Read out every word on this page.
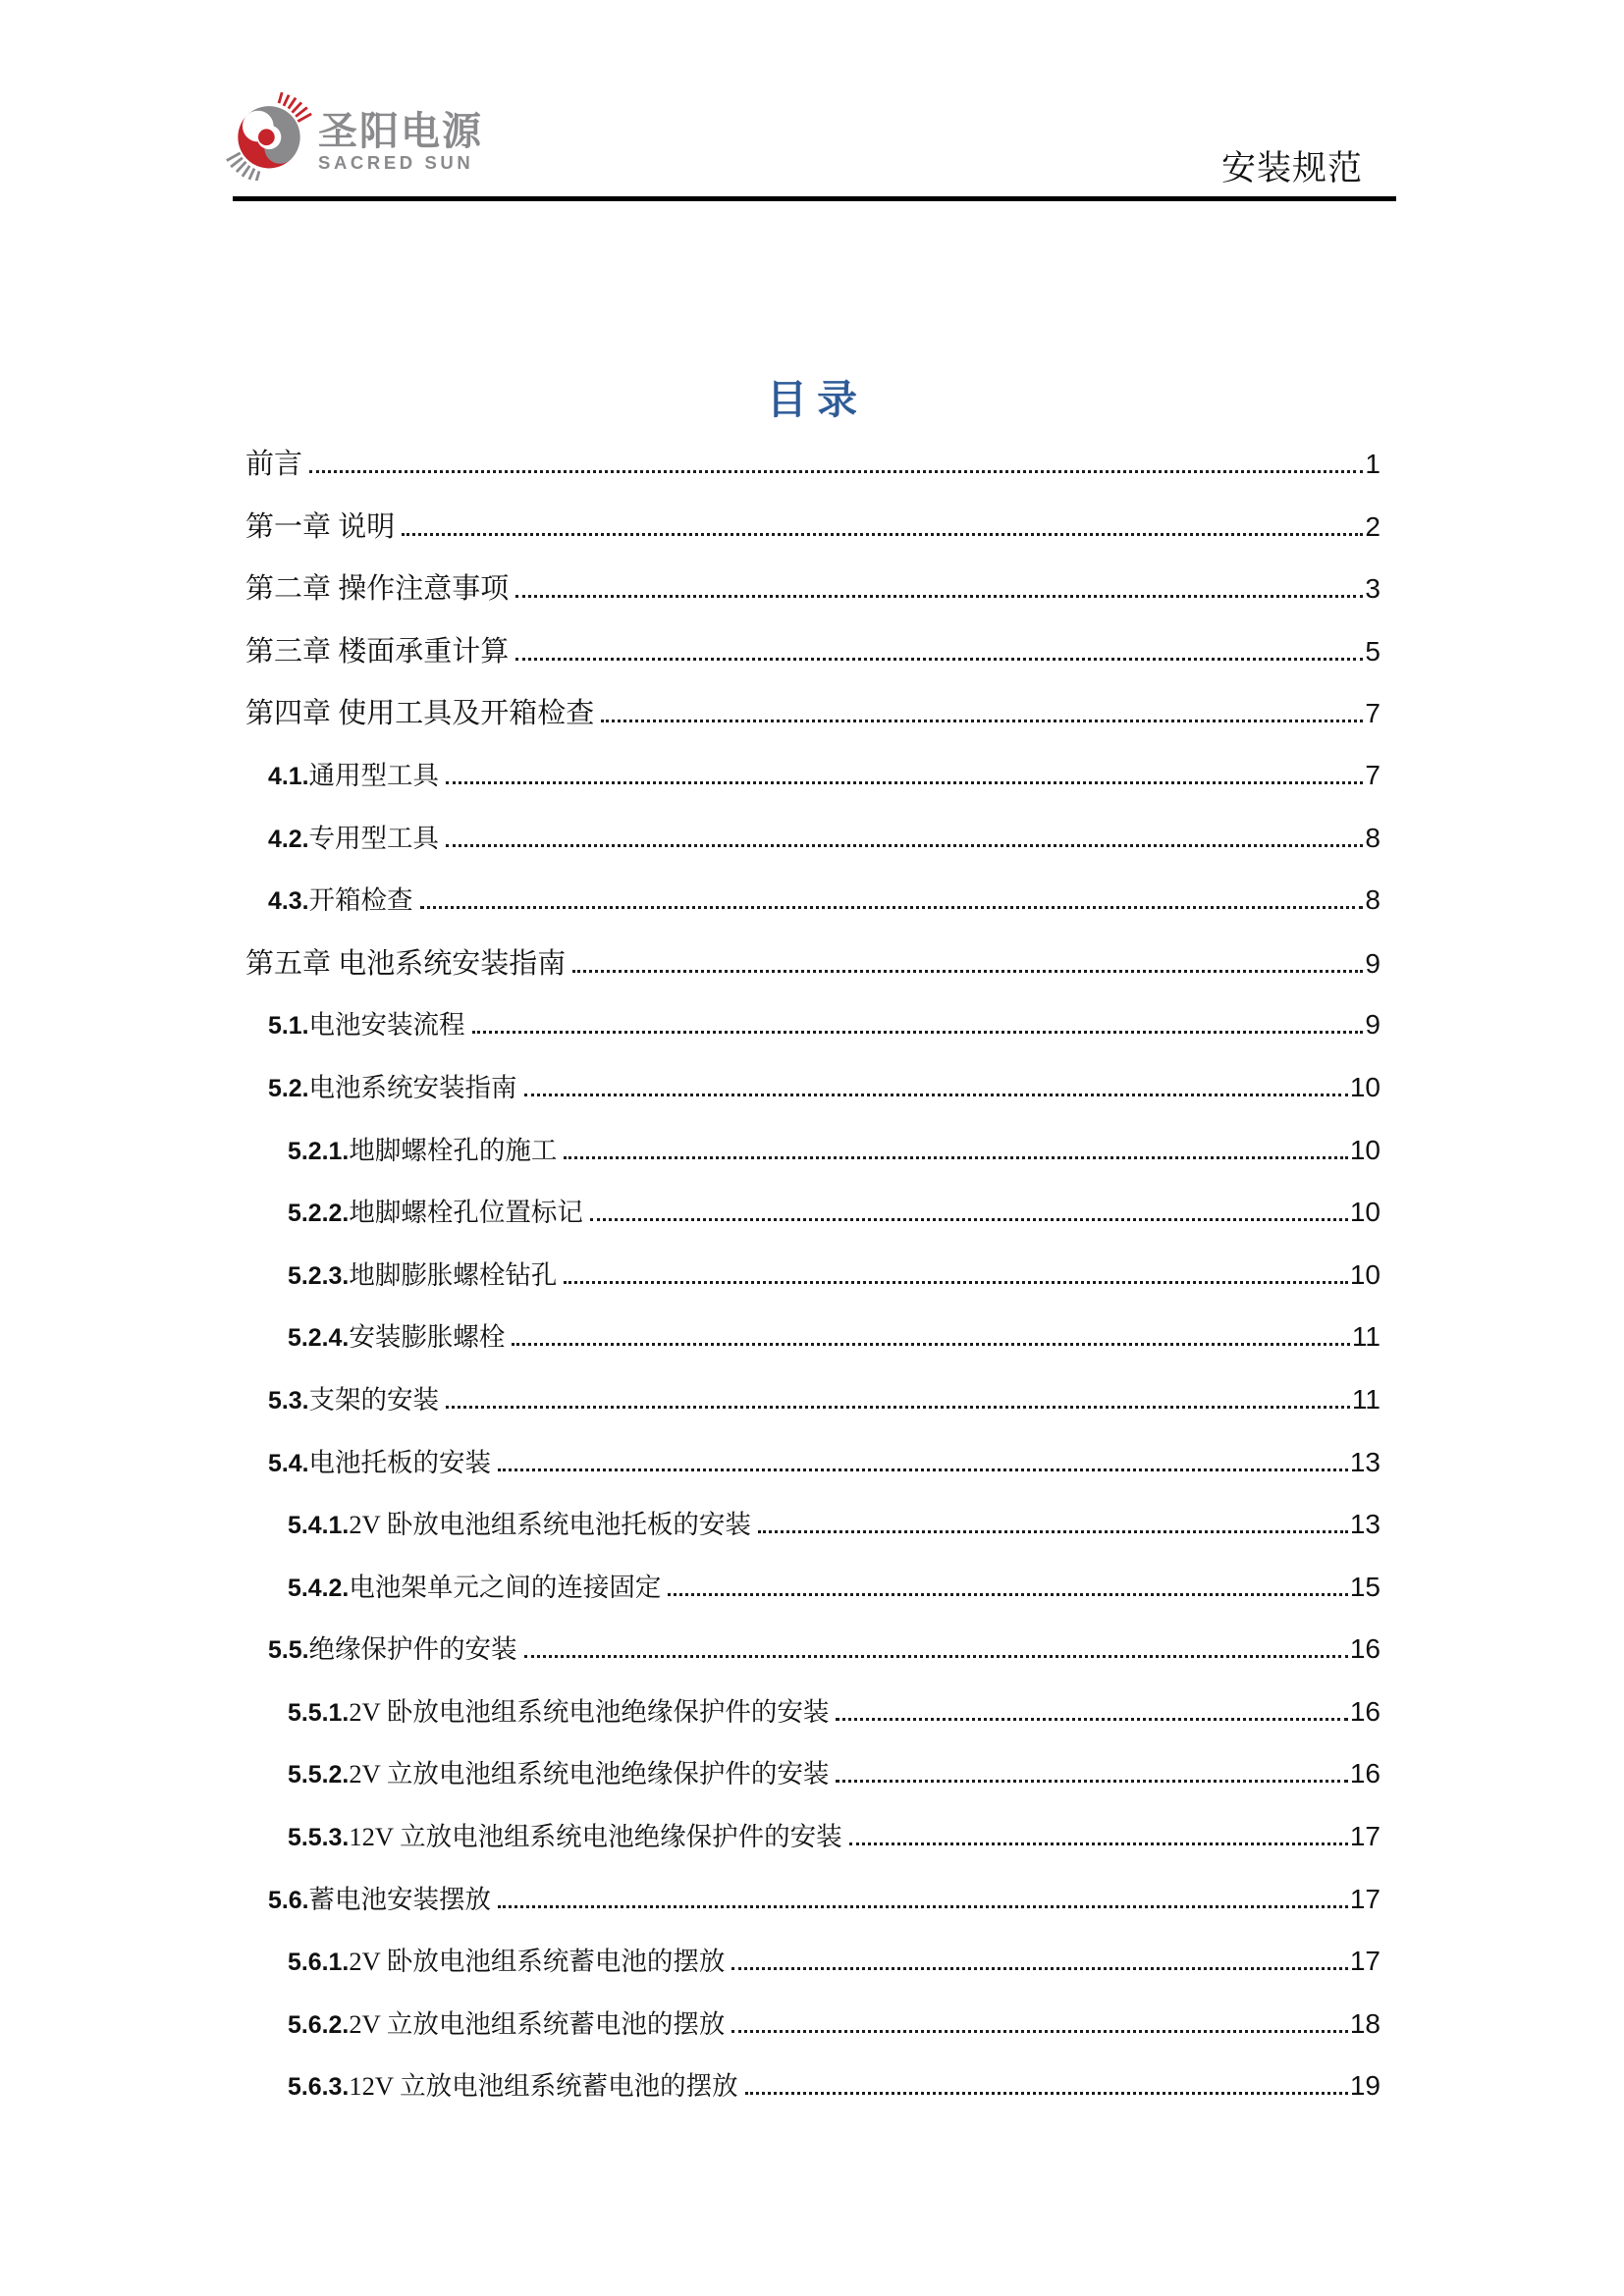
圣阳电源
SACRED SUN	安装规范
目 录
前言	1
第一章 说明	2
第二章 操作注意事项	3
第三章 楼面承重计算	5
第四章 使用工具及开箱检查	7
4.1. 通用型工具	7
4.2. 专用型工具	8
4.3. 开箱检查	8
第五章 电池系统安装指南	9
5.1. 电池安装流程	9
5.2. 电池系统安装指南	10
5.2.1. 地脚螺栓孔的施工	10
5.2.2. 地脚螺栓孔位置标记	10
5.2.3. 地脚膨胀螺栓钻孔	10
5.2.4. 安装膨胀螺栓	11
5.3. 支架的安装	11
5.4. 电池托板的安装	13
5.4.1. 2V 卧放电池组系统电池托板的安装	13
5.4.2. 电池架单元之间的连接固定	15
5.5. 绝缘保护件的安装	16
5.5.1. 2V 卧放电池组系统电池绝缘保护件的安装	16
5.5.2. 2V 立放电池组系统电池绝缘保护件的安装	16
5.5.3. 12V 立放电池组系统电池绝缘保护件的安装	17
5.6. 蓄电池安装摆放	17
5.6.1. 2V 卧放电池组系统蓄电池的摆放	17
5.6.2. 2V 立放电池组系统蓄电池的摆放	18
5.6.3. 12V 立放电池组系统蓄电池的摆放	19
